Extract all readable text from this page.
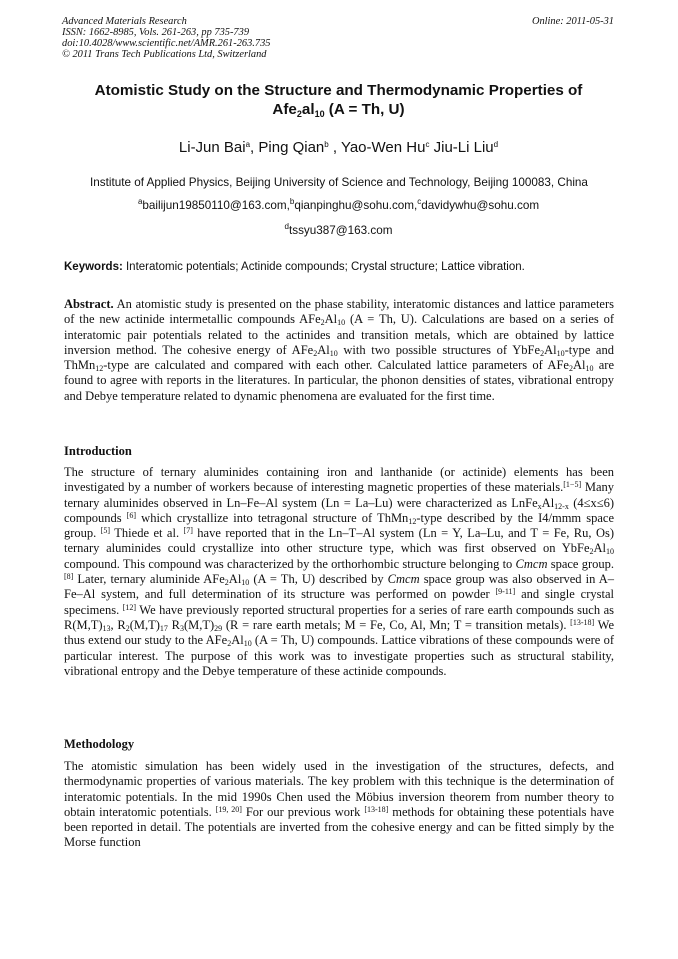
Advanced Materials Research
ISSN: 1662-8985, Vols. 261-263, pp 735-739
doi:10.4028/www.scientific.net/AMR.261-263.735
© 2011 Trans Tech Publications Ltd, Switzerland
Online: 2011-05-31
Atomistic Study on the Structure and Thermodynamic Properties of
$Afe_2al_{10}$ (A = Th, U)
Li-Jun Bai$^a$, Ping Qian$^b$ , Yao-Wen Hu$^c$ Jiu-Li Liu$^d$
Institute of Applied Physics, Beijing University of Science and Technology, Beijing 100083, China
$^a$bailijun19850110@163.com,$^b$qianpinghu@sohu.com,$^c$davidywhu@sohu.com
$^d$tssyu387@163.com
Keywords: Interatomic potentials; Actinide compounds; Crystal structure; Lattice vibration.

Abstract. An atomistic study is presented on the phase stability, interatomic distances and lattice parameters of the new actinide intermetallic compounds $AFe_2Al_{10}$ (A = Th, U). Calculations are based on a series of interatomic pair potentials related to the actinides and transition metals, which are obtained by lattice inversion method. The cohesive energy of $AFe_2Al_{10}$ with two possible structures of $YbFe_2Al_{10}$-type and ThMn$_{12}$-type are calculated and compared with each other. Calculated lattice parameters of $AFe_2Al_{10}$ are found to agree with reports in the literatures. In particular, the phonon densities of states, vibrational entropy and Debye temperature related to dynamic phenomena are evaluated for the first time.

Introduction

The structure of ternary aluminides containing iron and lanthanide (or actinide) elements has been investigated by a number of workers because of interesting magnetic properties of these materials.[1−5] Many ternary aluminides observed in Ln–Fe–Al system (Ln = La–Lu) were characterized as $LnFe_xAl_{12-x}$ (4≤x≤6) compounds [6] which crystallize into tetragonal structure of ThMn$_{12}$-type described by the I4/mmm space group. [5] Thiede et al. [7] have reported that in the Ln–T–Al system (Ln = Y, La–Lu, and T = Fe, Ru, Os) ternary aluminides could crystallize into other structure type, which was first observed on $YbFe_2Al_{10}$ compound. This compound was characterized by the orthorhombic structure belonging to Cmcm space group. [8] Later, ternary aluminide $AFe_2Al_{10}$ (A = Th, U) described by Cmcm space group was also observed in A–Fe–Al system, and full determination of its structure was performed on powder [9-11] and single crystal specimens. [12] We have previously reported structural properties for a series of rare earth compounds such as $R(M,T)_{13}$, $R_2(M,T)_{17}$ $R_3(M,T)_{29}$ (R = rare earth metals; M = Fe, Co, Al, Mn; T = transition metals). [13-18] We thus extend our study to the $AFe_2Al_{10}$ (A = Th, U) compounds. Lattice vibrations of these compounds were of particular interest. The purpose of this work was to investigate properties such as structural stability, vibrational entropy and the Debye temperature of these actinide compounds.

Methodology

The atomistic simulation has been widely used in the investigation of the structures, defects, and thermodynamic properties of various materials. The key problem with this technique is the determination of interatomic potentials. In the mid 1990s Chen used the Möbius inversion theorem from number theory to obtain interatomic potentials. [19, 20] For our previous work [13-18] methods for obtaining these potentials have been reported in detail. The potentials are inverted from the cohesive energy and can be fitted simply by the Morse function
